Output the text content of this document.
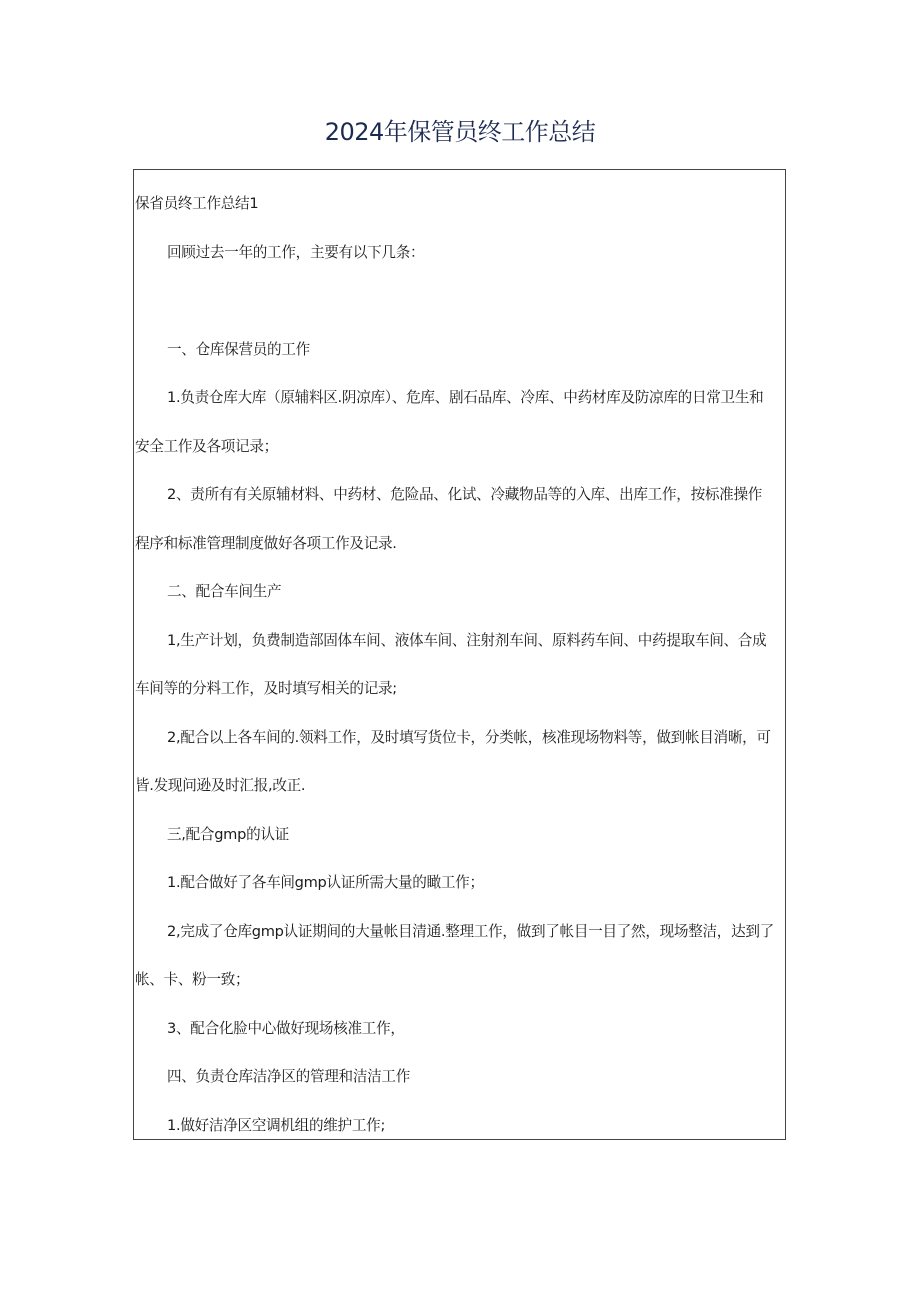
2024年保管员终工作总结
保省员终工作总结1
回顾过去一年的工作，主要有以下几条：
一、仓库保营员的工作
1.负责仓库大库（原辅料区.阴凉库）、危库、剧石品库、冷库、中药材库及防凉库的日常卫生和
安全工作及各项记录；
2、责所有有关原辅材料、中药材、危险品、化试、冷藏物品等的入库、出库工作，按标准操作
程序和标准管理制度做好各项工作及记录.
二、配合车间生产
1,生产计划，负费制造部固体车间、液体车间、注射剂车间、原料药车间、中药提取车间、合成
车间等的分料工作，及时填写相关的记录;
2,配合以上各车间的.领料工作，及时填写货位卡，分类帐，核准现场物料等，做到帐目消晰，可
皆.发现问逊及时汇报,改正.
三,配合gmp的认证
1.配合做好了各车间gmp认证所需大量的瞰工作；
2,完成了仓库gmp认证期间的大量帐目清通.整理工作，做到了帐目一目了然，现场整洁，达到了
帐、卡、粉一致；
3、配合化脸中心做好现场核准工作，
四、负责仓库洁净区的管理和洁洁工作
1.做好洁净区空调机组的维护工作;
